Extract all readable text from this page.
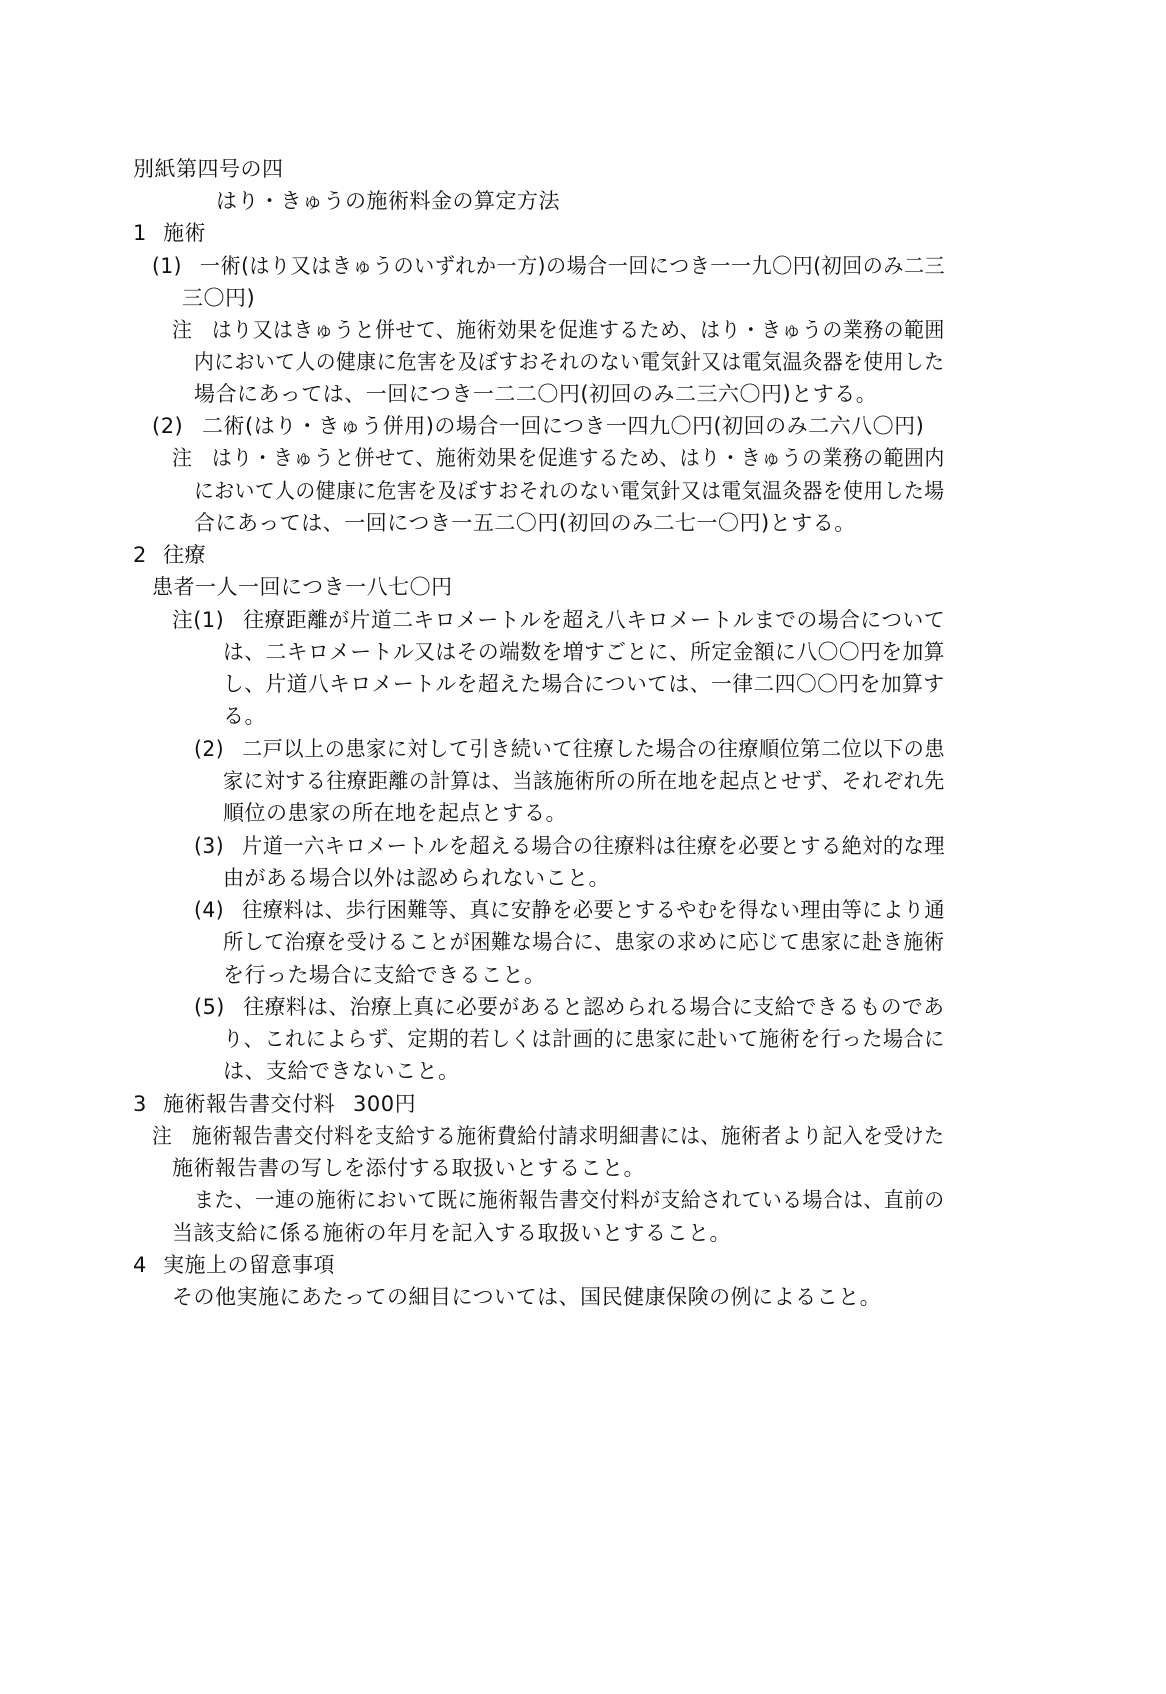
別紙第四号の四
はり・きゅうの施術料金の算定方法
1 施術
(1) 一術(はり又はきゅうのいずれか一方)の場合一回につき一一九〇円(初回のみ二三
三〇円)
注 はり又はきゅうと併せて、施術効果を促進するため、はり・きゅうの業務の範囲
内において人の健康に危害を及ぼすおそれのない電気針又は電気温灸器を使用した
場合にあっては、一回につき一二二〇円(初回のみ二三六〇円)とする。
(2) 二術(はり・きゅう併用)の場合一回につき一四九〇円(初回のみ二六八〇円)
注 はり・きゅうと併せて、施術効果を促進するため、はり・きゅうの業務の範囲内
において人の健康に危害を及ぼすおそれのない電気針又は電気温灸器を使用した場
合にあっては、一回につき一五二〇円(初回のみ二七一〇円)とする。
2 往療
患者一人一回につき一八七〇円
注(1) 往療距離が片道二キロメートルを超え八キロメートルまでの場合について
は、二キロメートル又はその端数を増すごとに、所定金額に八〇〇円を加算
し、片道八キロメートルを超えた場合については、一律二四〇〇円を加算す
る。
(2) 二戸以上の患家に対して引き続いて往療した場合の往療順位第二位以下の患
家に対する往療距離の計算は、当該施術所の所在地を起点とせず、それぞれ先
順位の患家の所在地を起点とする。
(3) 片道一六キロメートルを超える場合の往療料は往療を必要とする絶対的な理
由がある場合以外は認められないこと。
(4) 往療料は、歩行困難等、真に安静を必要とするやむを得ない理由等により通
所して治療を受けることが困難な場合に、患家の求めに応じて患家に赴き施術
を行った場合に支給できること。
(5) 往療料は、治療上真に必要があると認められる場合に支給できるものであ
り、これによらず、定期的若しくは計画的に患家に赴いて施術を行った場合に
は、支給できないこと。
3 施術報告書交付料 300円
注 施術報告書交付料を支給する施術費給付請求明細書には、施術者より記入を受けた
施術報告書の写しを添付する取扱いとすること。
また、一連の施術において既に施術報告書交付料が支給されている場合は、直前の
当該支給に係る施術の年月を記入する取扱いとすること。
4 実施上の留意事項
その他実施にあたっての細目については、国民健康保険の例によること。
